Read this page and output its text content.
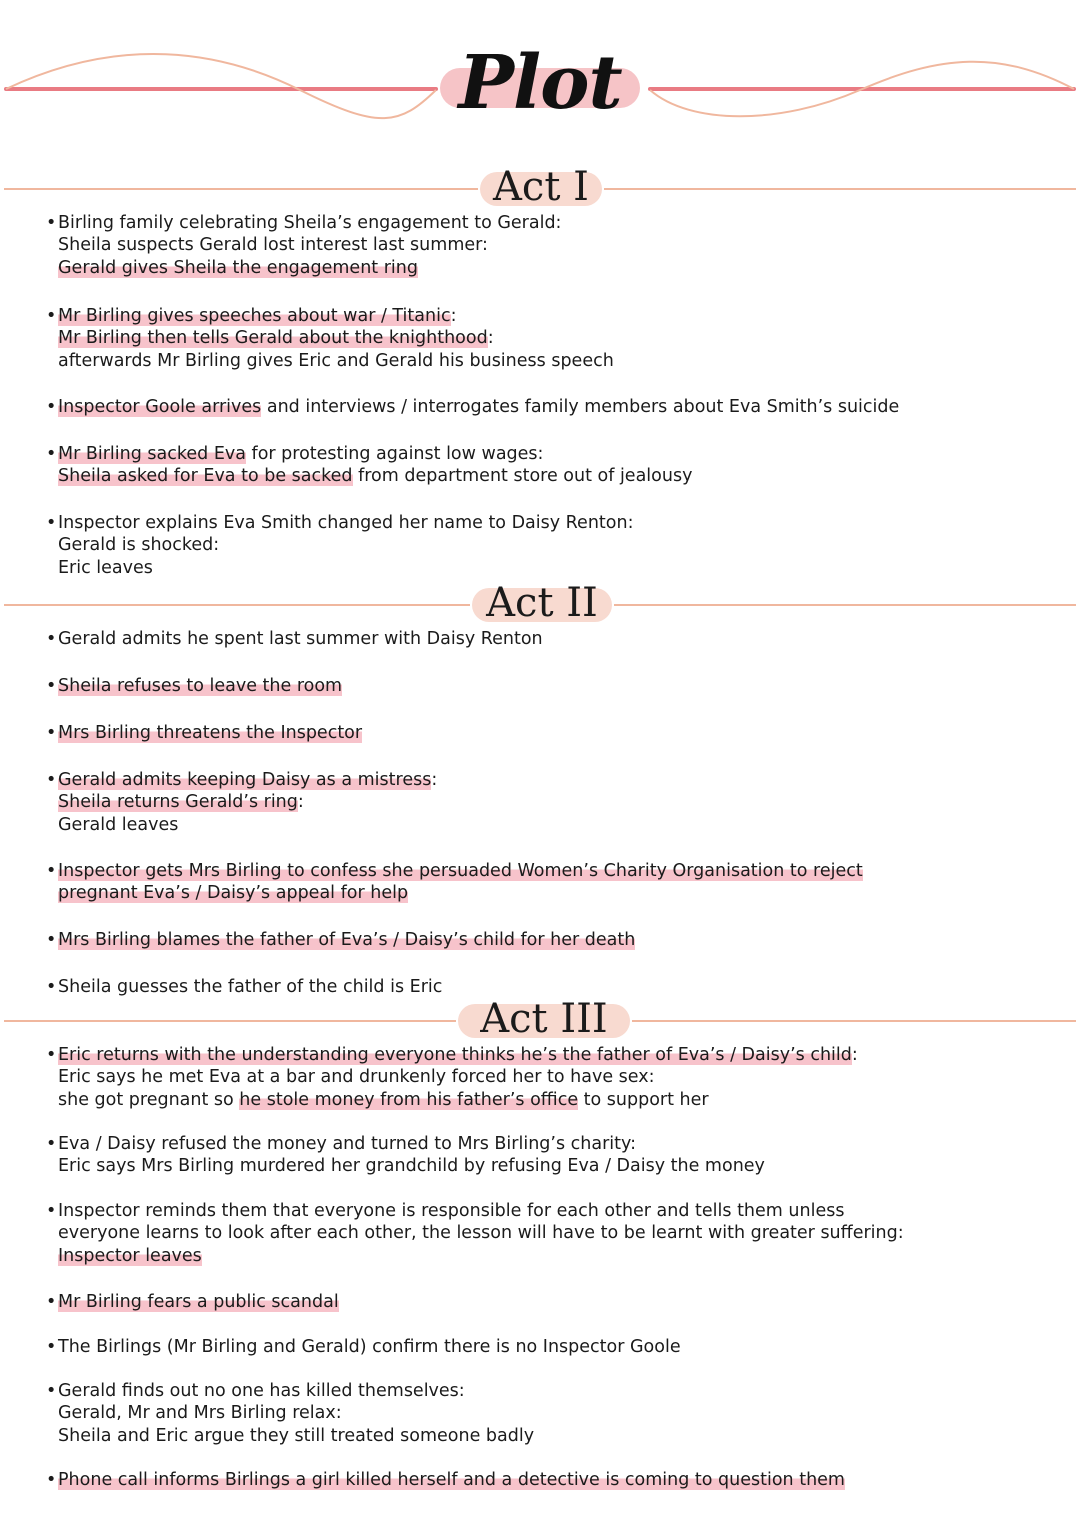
Plot
Act I
Act II
Act III
• Birling family celebrating Sheila’s engagement to Gerald:
Sheila suspects Gerald lost interest last summer:
Gerald gives Sheila the engagement ring
• Mr Birling gives speeches about war / Titanic:
Mr Birling then tells Gerald about the knighthood:
afterwards Mr Birling gives Eric and Gerald his business speech
• Inspector Goole arrives and interviews / interrogates family members about Eva Smith’s suicide
• Mr Birling sacked Eva for protesting against low wages:
Sheila asked for Eva to be sacked from department store out of jealousy
• Inspector explains Eva Smith changed her name to Daisy Renton:
Gerald is shocked:
Eric leaves
• Gerald admits he spent last summer with Daisy Renton
• Sheila refuses to leave the room
• Mrs Birling threatens the Inspector
• Gerald admits keeping Daisy as a mistress:
Sheila returns Gerald’s ring:
Gerald leaves
• Inspector gets Mrs Birling to confess she persuaded Women’s Charity Organisation to reject
pregnant Eva’s / Daisy’s appeal for help
• Mrs Birling blames the father of Eva’s / Daisy’s child for her death
• Sheila guesses the father of the child is Eric
• Eric returns with the understanding everyone thinks he’s the father of Eva’s / Daisy’s child:
Eric says he met Eva at a bar and drunkenly forced her to have sex:
she got pregnant so he stole money from his father’s office to support her
• Eva / Daisy refused the money and turned to Mrs Birling’s charity:
Eric says Mrs Birling murdered her grandchild by refusing Eva / Daisy the money
• Inspector reminds them that everyone is responsible for each other and tells them unless
everyone learns to look after each other, the lesson will have to be learnt with greater suffering:
Inspector leaves
• Mr Birling fears a public scandal
• The Birlings (Mr Birling and Gerald) confirm there is no Inspector Goole
• Gerald finds out no one has killed themselves:
Gerald, Mr and Mrs Birling relax:
Sheila and Eric argue they still treated someone badly
• Phone call informs Birlings a girl killed herself and a detective is coming to question them
